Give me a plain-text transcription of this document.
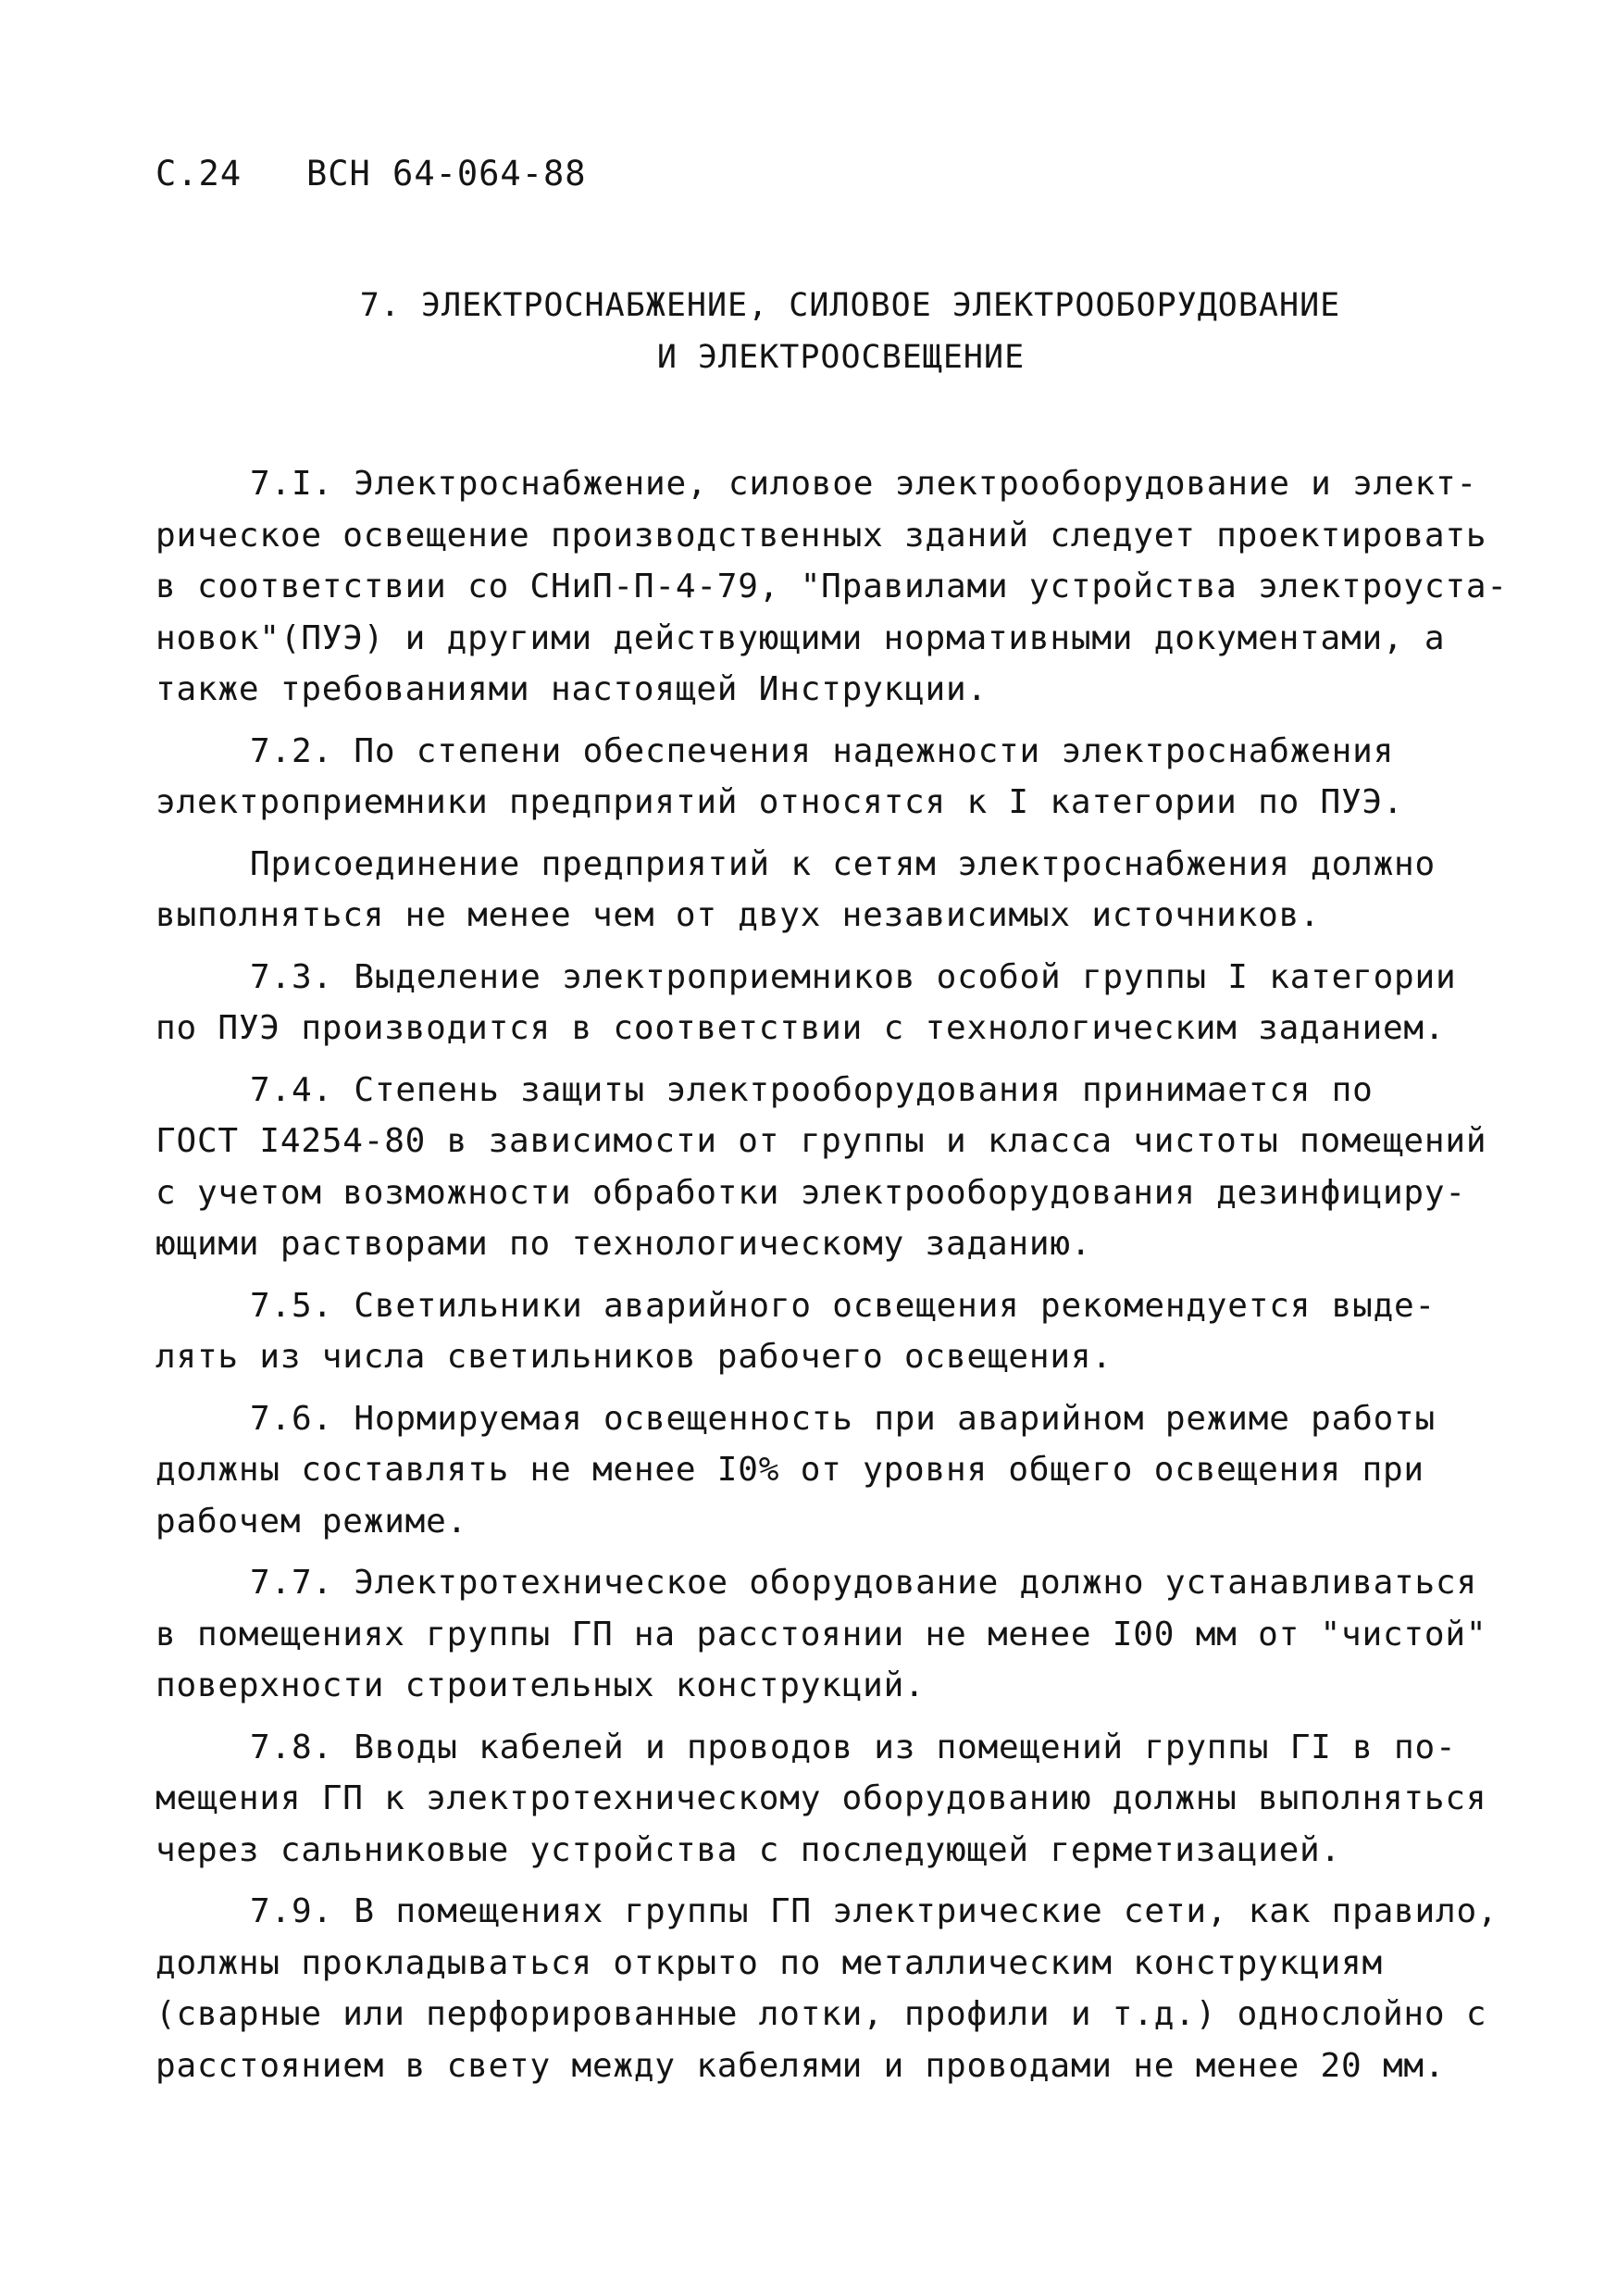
С.24 ВСН 64-064-88
7. ЭЛЕКТРОСНАБЖЕНИЕ, СИЛОВОЕ ЭЛЕКТРООБОРУДОВАНИЕ
И ЭЛЕКТРООСВЕЩЕНИЕ
7.I. Электроснабжение, силовое электрооборудование и элект-
рическое освещение производственных зданий следует проектировать
в соответствии со СНиП-П-4-79, "Правилами устройства электроуста-
новок"(ПУЭ) и другими действующими нормативными документами, а
также требованиями настоящей Инструкции.
7.2. По степени обеспечения надежности электроснабжения
электроприемники предприятий относятся к I категории по ПУЭ.
Присоединение предприятий к сетям электроснабжения должно
выполняться не менее чем от двух независимых источников.
7.3. Выделение электроприемников особой группы I категории
по ПУЭ производится в соответствии с технологическим заданием.
7.4. Степень защиты электрооборудования принимается по
ГОСТ I4254-80 в зависимости от группы и класса чистоты помещений
с учетом возможности обработки электрооборудования дезинфициру-
ющими растворами по технологическому заданию.
7.5. Светильники аварийного освещения рекомендуется выде-
лять из числа светильников рабочего освещения.
7.6. Нормируемая освещенность при аварийном режиме работы
должны составлять не менее I0% от уровня общего освещения при
рабочем режиме.
7.7. Электротехническое оборудование должно устанавливаться
в помещениях группы ГП на расстоянии не менее I00 мм от "чистой"
поверхности строительных конструкций.
7.8. Вводы кабелей и проводов из помещений группы ГI в по-
мещения ГП к электротехническому оборудованию должны выполняться
через сальниковые устройства с последующей герметизацией.
7.9. В помещениях группы ГП электрические сети, как правило,
должны прокладываться открыто по металлическим конструкциям
(сварные или перфорированные лотки, профили и т.д.) однослойно с
расстоянием в свету между кабелями и проводами не менее 20 мм.
